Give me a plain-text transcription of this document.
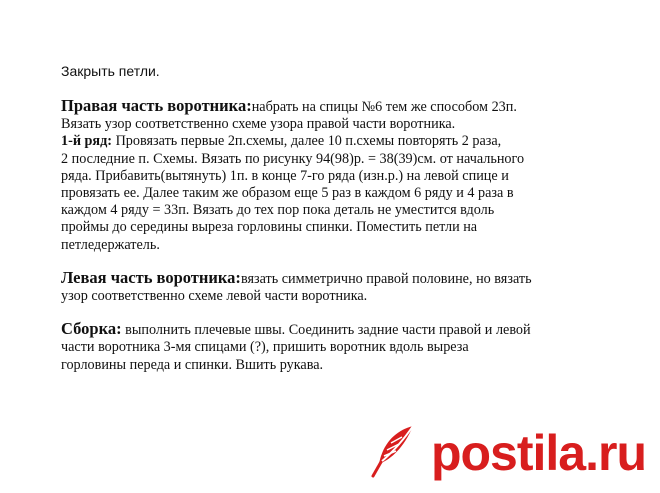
Закрыть петли.
Правая часть воротника:набрать на спицы №6 тем же способом 23п.
Вязать узор соответственно схеме узора правой части воротника.
1-й ряд: Провязать первые 2п.схемы, далее 10 п.схемы повторять 2 раза,
2 последние п. Схемы. Вязать по рисунку 94(98)р. = 38(39)см. от начального
ряда. Прибавить(вытянуть) 1п. в конце 7-го ряда (изн.р.) на левой спице и
провязать ее. Далее таким же образом еще 5 раз в каждом 6 ряду и 4 раза в
каждом 4 ряду = 33п. Вязать до тех пор пока деталь не уместится вдоль
проймы до середины выреза горловины спинки. Поместить петли на
петледержатель.
Левая часть воротника:вязать симметрично правой половине, но вязать
узор соответственно схеме левой части воротника.
Сборка: выполнить плечевые швы. Соединить задние части правой и левой
части воротника 3-мя спицами (?), пришить воротник вдоль выреза
горловины переда и спинки. Вшить рукава.
postila.ru
